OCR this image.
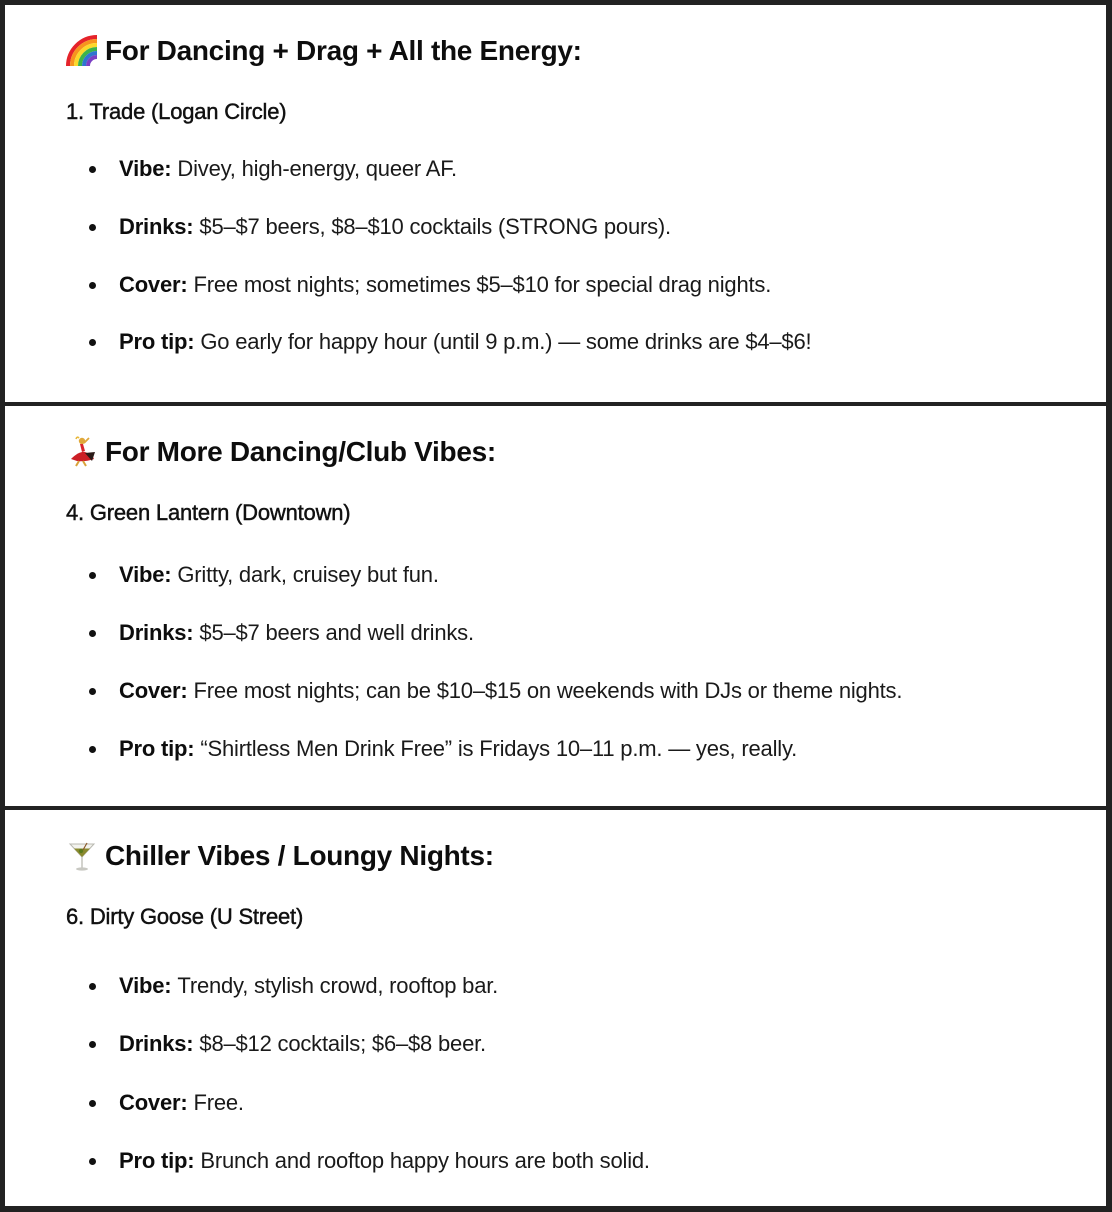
For Dancing + Drag + All the Energy:
1. Trade (Logan Circle)
Vibe: Divey, high-energy, queer AF.
Drinks: $5–$7 beers, $8–$10 cocktails (STRONG pours).
Cover: Free most nights; sometimes $5–$10 for special drag nights.
Pro tip: Go early for happy hour (until 9 p.m.) — some drinks are $4–$6!
For More Dancing/Club Vibes:
4. Green Lantern (Downtown)
Vibe: Gritty, dark, cruisey but fun.
Drinks: $5–$7 beers and well drinks.
Cover: Free most nights; can be $10–$15 on weekends with DJs or theme nights.
Pro tip: “Shirtless Men Drink Free” is Fridays 10–11 p.m. — yes, really.
Chiller Vibes / Loungy Nights:
6. Dirty Goose (U Street)
Vibe: Trendy, stylish crowd, rooftop bar.
Drinks: $8–$12 cocktails; $6–$8 beer.
Cover: Free.
Pro tip: Brunch and rooftop happy hours are both solid.
